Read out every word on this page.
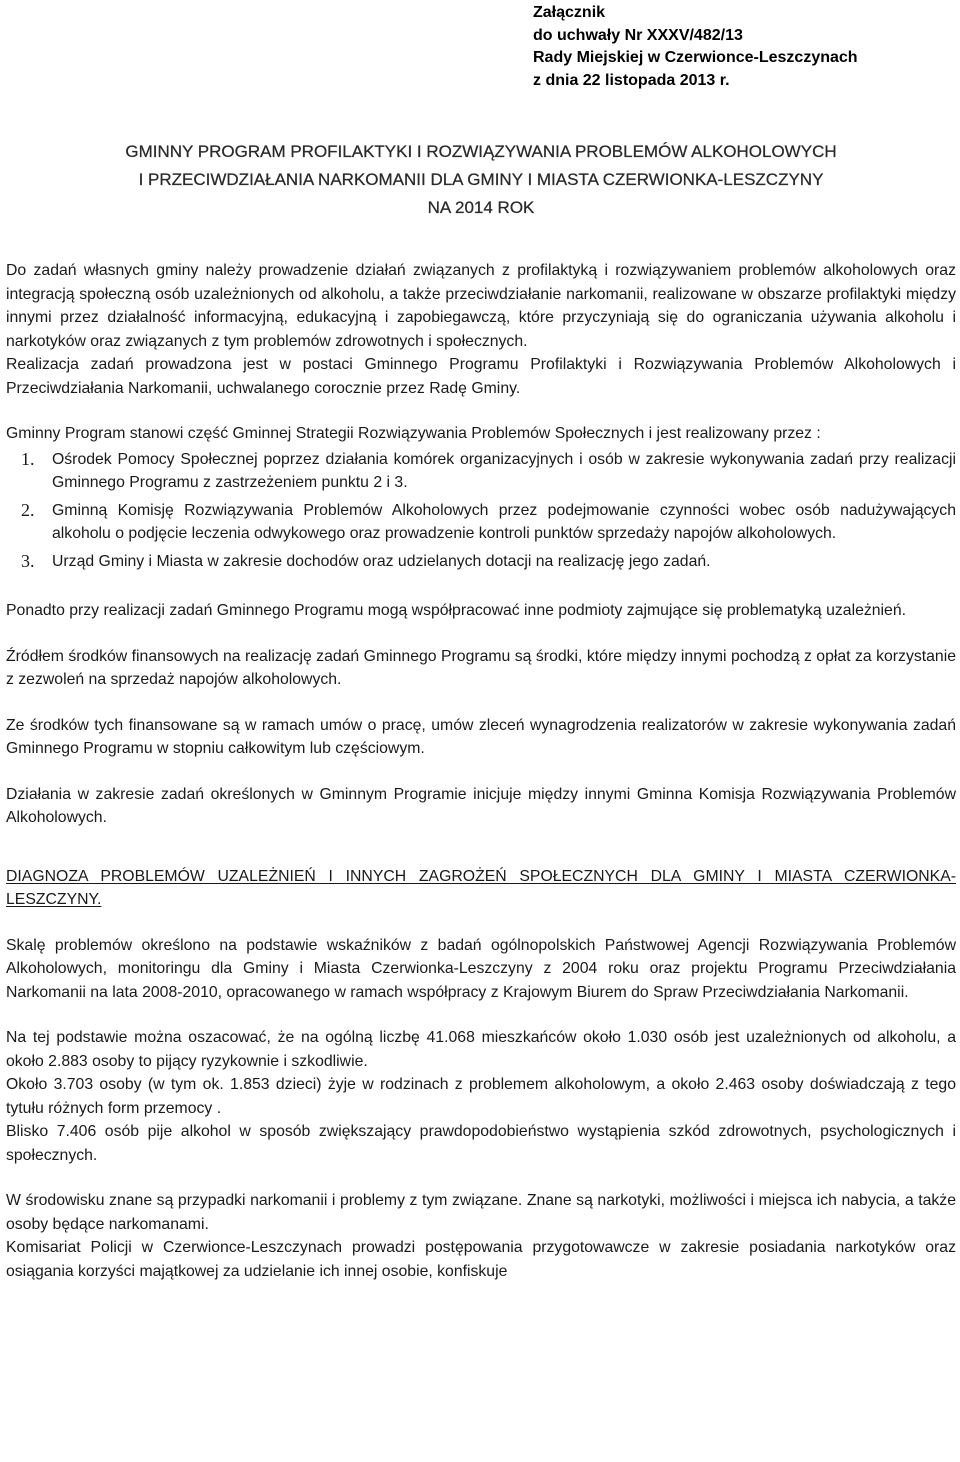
Załącznik
do uchwały Nr XXXV/482/13
Rady Miejskiej w Czerwionce-Leszczynach
z dnia 22 listopada 2013 r.
GMINNY PROGRAM PROFILAKTYKI I ROZWIĄZYWANIA PROBLEMÓW ALKOHOLOWYCH
I PRZECIWDZIAŁANIA NARKOMANII DLA GMINY I MIASTA CZERWIONKA-LESZCZYNY
NA 2014 ROK

Do zadań własnych gminy należy prowadzenie działań związanych z profilaktyką i rozwiązywaniem problemów alkoholowych oraz integracją społeczną osób uzależnionych od alkoholu, a także przeciwdziałanie narkomanii, realizowane w obszarze profilaktyki między innymi przez działalność informacyjną, edukacyjną i zapobiegawczą, które przyczyniają się do ograniczania używania alkoholu i narkotyków oraz związanych z tym problemów zdrowotnych i społecznych.

Realizacja zadań prowadzona jest w postaci Gminnego Programu Profilaktyki i Rozwiązywania Problemów Alkoholowych i Przeciwdziałania Narkomanii, uchwalanego corocznie przez Radę Gminy.

Gminny Program stanowi część Gminnej Strategii Rozwiązywania Problemów Społecznych i jest realizowany przez :

1.	Ośrodek Pomocy Społecznej poprzez działania komórek organizacyjnych i osób w zakresie wykonywania zadań przy realizacji Gminnego Programu z zastrzeżeniem punktu 2 i 3.
2.	Gminną Komisję Rozwiązywania Problemów Alkoholowych przez podejmowanie czynności wobec osób nadużywających alkoholu o podjęcie leczenia odwykowego oraz prowadzenie kontroli punktów sprzedaży napojów alkoholowych.
3.	Urząd Gminy i Miasta w zakresie dochodów oraz udzielanych dotacji na realizację jego zadań.

Ponadto przy realizacji zadań Gminnego Programu mogą współpracować inne podmioty zajmujące się problematyką uzależnień.

Źródłem środków finansowych na realizację zadań Gminnego Programu są środki, które między innymi pochodzą z opłat za korzystanie z zezwoleń na sprzedaż napojów alkoholowych.

Ze środków tych finansowane są w ramach umów o pracę, umów zleceń wynagrodzenia realizatorów w zakresie wykonywania zadań Gminnego Programu w stopniu całkowitym lub częściowym.

Działania w zakresie zadań określonych w Gminnym Programie inicjuje między innymi Gminna Komisja Rozwiązywania Problemów Alkoholowych.

DIAGNOZA PROBLEMÓW UZALEŻNIEŃ I INNYCH ZAGROŻEŃ SPOŁECZNYCH DLA GMINY I MIASTA CZERWIONKA-LESZCZYNY.

Skalę problemów określono na podstawie wskaźników z badań ogólnopolskich Państwowej Agencji Rozwiązywania Problemów Alkoholowych, monitoringu dla Gminy i Miasta Czerwionka-Leszczyny z 2004 roku oraz projektu Programu Przeciwdziałania Narkomanii na lata 2008-2010, opracowanego w ramach współpracy z Krajowym Biurem do Spraw Przeciwdziałania Narkomanii.

Na tej podstawie można oszacować, że na ogólną liczbę 41.068 mieszkańców około 1.030 osób jest uzależnionych od alkoholu, a około 2.883 osoby to pijący ryzykownie i szkodliwie.

Około 3.703 osoby (w tym ok. 1.853 dzieci) żyje w rodzinach z problemem alkoholowym, a około 2.463 osoby doświadczają z tego tytułu różnych form przemocy .

Blisko 7.406 osób pije alkohol w sposób zwiększający prawdopodobieństwo wystąpienia szkód zdrowotnych, psychologicznych i społecznych.

W środowisku znane są przypadki narkomanii i problemy z tym związane. Znane są narkotyki, możliwości i miejsca ich nabycia, a także osoby będące narkomanami.

Komisariat Policji w Czerwionce-Leszczynach prowadzi postępowania przygotowawcze w zakresie posiadania narkotyków oraz osiągania korzyści majątkowej za udzielanie ich innej osobie, konfiskuje
